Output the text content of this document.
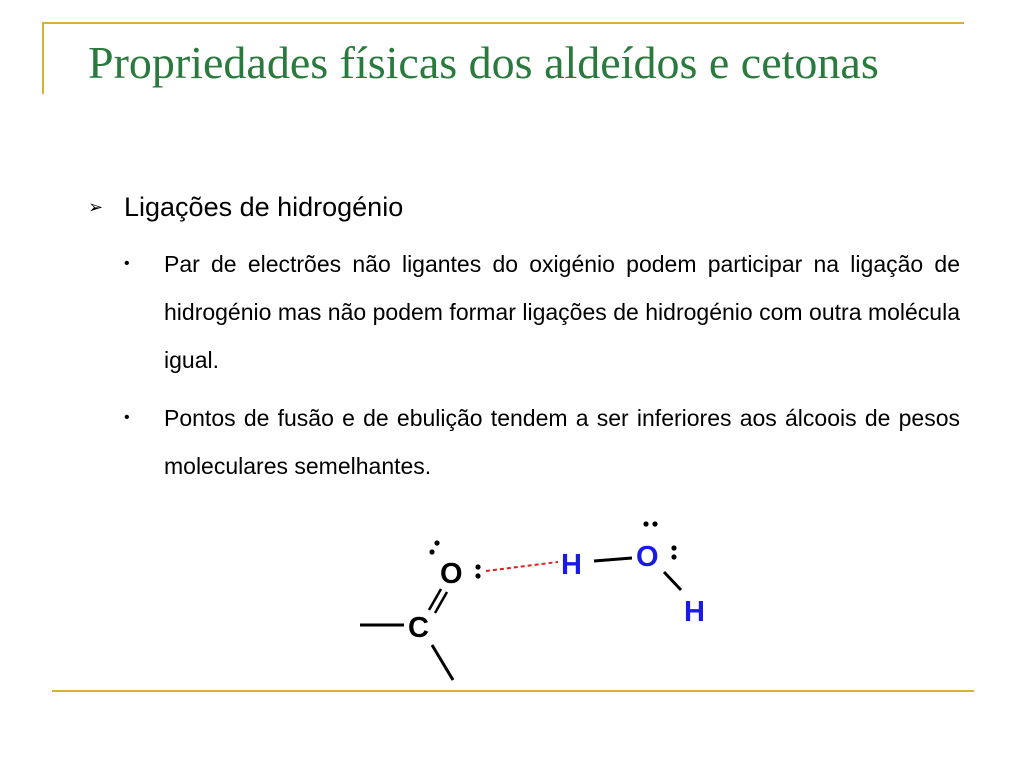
Propriedades físicas dos aldeídos e cetonas
➢ Ligações de hidrogénio
• Par de electrões não ligantes do oxigénio podem participar na ligação de hidrogénio mas não podem formar ligações de hidrogénio com outra molécula igual.
• Pontos de fusão e de ebulição tendem a ser inferiores aos álcoois de pesos moleculares semelhantes.
C
O	H O
H
